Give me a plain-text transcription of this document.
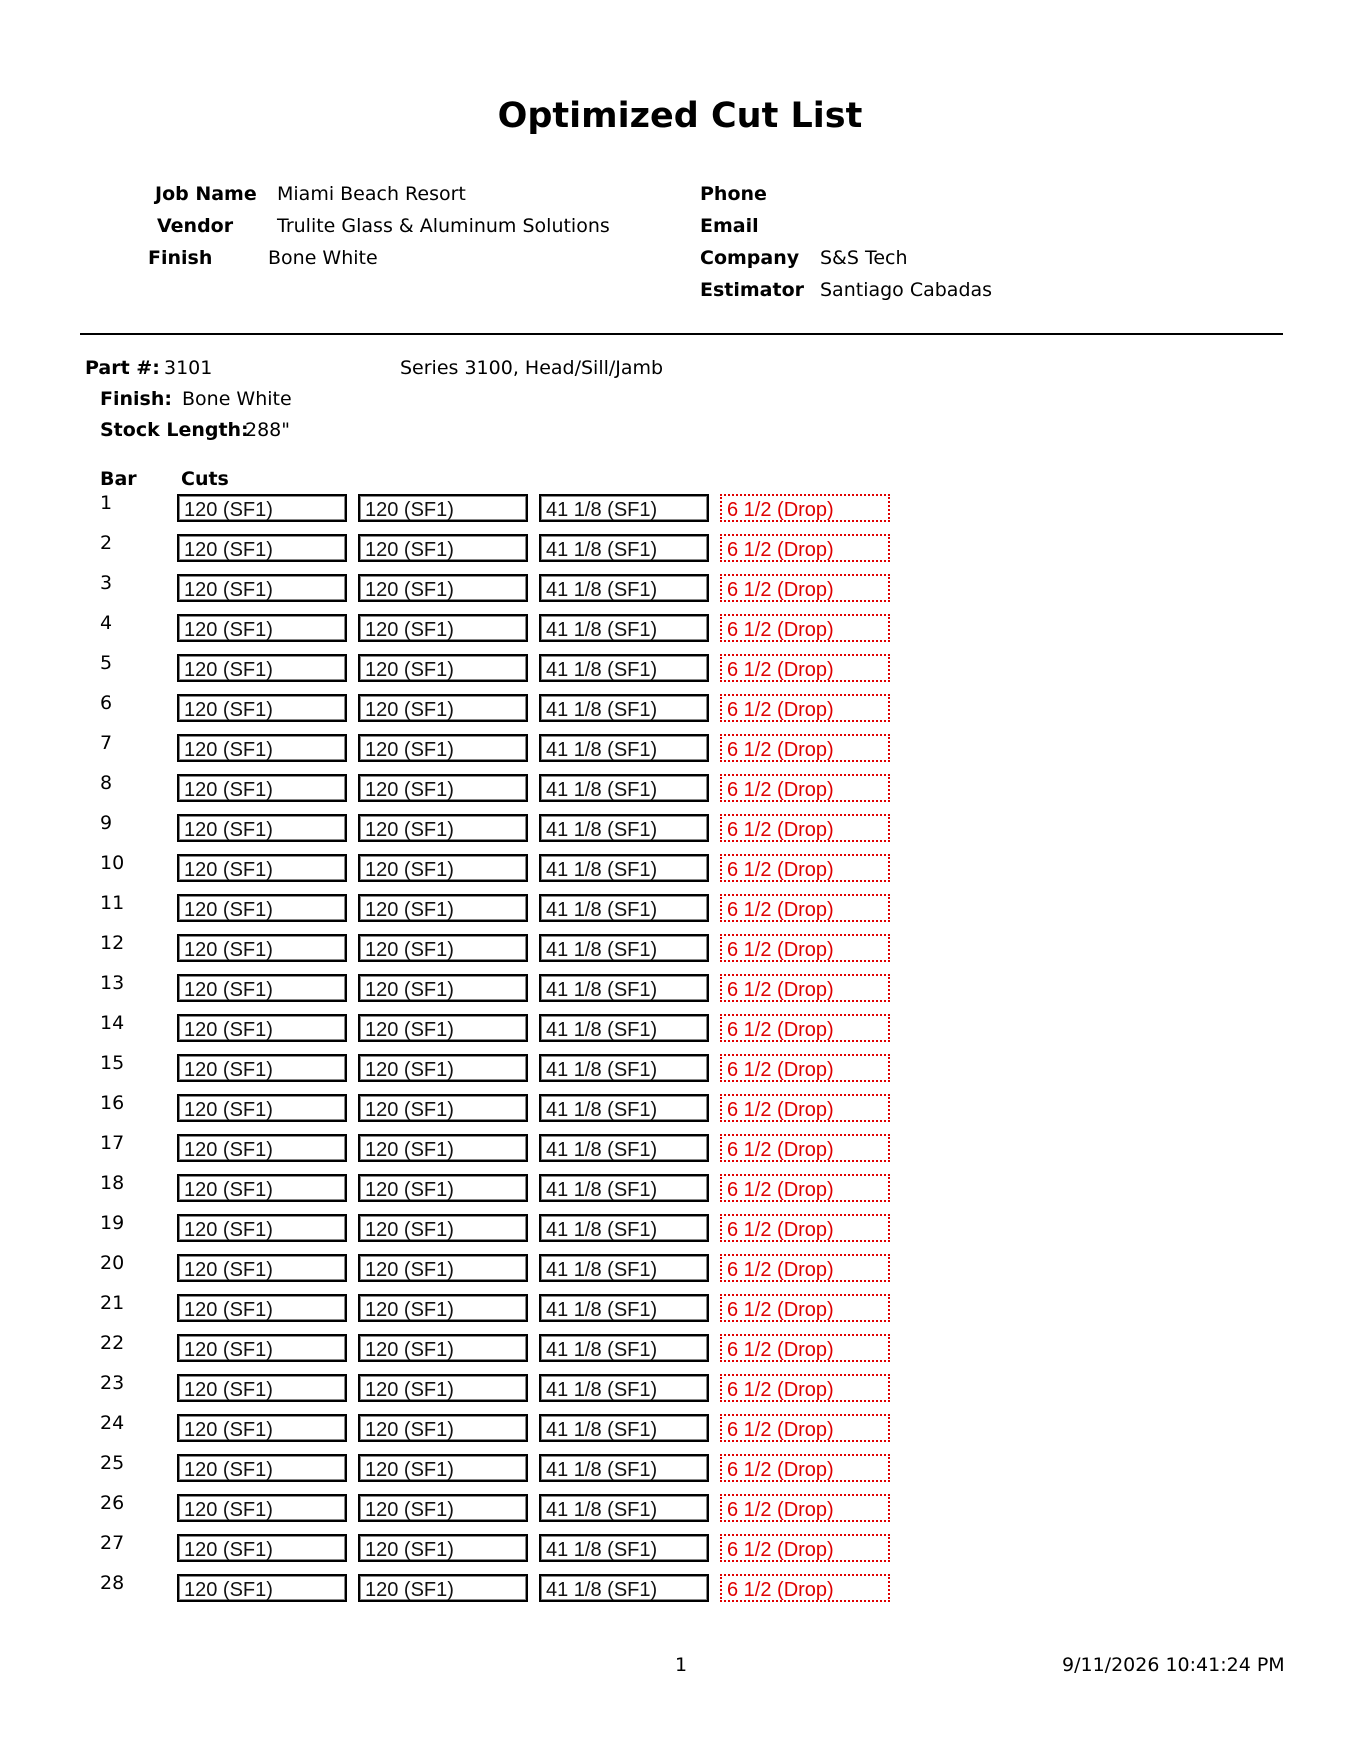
Optimized Cut List
Job Name Miami Beach Resort
Vendor Trulite Glass & Aluminum Solutions
Finish	Bone White
Phone
Email
Company S&S Tech
Estimator Santiago Cabadas
Part #: 3101	Series 3100, Head/Sill/Jamb
Finish: Bone White
Stock Length:
288"
Bar Cuts
1	120 (SF1)	120 (SF1)	41 1/8 (SF1)	6 1/2 (Drop)
2	120 (SF1)	120 (SF1)	41 1/8 (SF1)	6 1/2 (Drop)
3	120 (SF1)	120 (SF1)	41 1/8 (SF1)	6 1/2 (Drop)
4	120 (SF1)	120 (SF1)	41 1/8 (SF1)	6 1/2 (Drop)
5	120 (SF1)	120 (SF1)	41 1/8 (SF1)	6 1/2 (Drop)
6	120 (SF1)	120 (SF1)	41 1/8 (SF1)	6 1/2 (Drop)
7	120 (SF1)	120 (SF1)	41 1/8 (SF1)	6 1/2 (Drop)
8	120 (SF1)	120 (SF1)	41 1/8 (SF1)	6 1/2 (Drop)
9	120 (SF1)	120 (SF1)	41 1/8 (SF1)	6 1/2 (Drop)
10	120 (SF1)	120 (SF1)	41 1/8 (SF1)	6 1/2 (Drop)
11	120 (SF1)	120 (SF1)	41 1/8 (SF1)	6 1/2 (Drop)
12	120 (SF1)	120 (SF1)	41 1/8 (SF1)	6 1/2 (Drop)
13	120 (SF1)	120 (SF1)	41 1/8 (SF1)	6 1/2 (Drop)
14	120 (SF1)	120 (SF1)	41 1/8 (SF1)	6 1/2 (Drop)
15	120 (SF1)	120 (SF1)	41 1/8 (SF1)	6 1/2 (Drop)
16	120 (SF1)	120 (SF1)	41 1/8 (SF1)	6 1/2 (Drop)
17	120 (SF1)	120 (SF1)	41 1/8 (SF1)	6 1/2 (Drop)
18	120 (SF1)	120 (SF1)	41 1/8 (SF1)	6 1/2 (Drop)
19	120 (SF1)	120 (SF1)	41 1/8 (SF1)	6 1/2 (Drop)
20	120 (SF1)	120 (SF1)	41 1/8 (SF1)	6 1/2 (Drop)
21	120 (SF1)	120 (SF1)	41 1/8 (SF1)	6 1/2 (Drop)
22	120 (SF1)	120 (SF1)	41 1/8 (SF1)	6 1/2 (Drop)
23	120 (SF1)	120 (SF1)	41 1/8 (SF1)	6 1/2 (Drop)
24	120 (SF1)	120 (SF1)	41 1/8 (SF1)	6 1/2 (Drop)
25	120 (SF1)	120 (SF1)	41 1/8 (SF1)	6 1/2 (Drop)
26	120 (SF1)	120 (SF1)	41 1/8 (SF1)	6 1/2 (Drop)
27	120 (SF1)	120 (SF1)	41 1/8 (SF1)	6 1/2 (Drop)
28	120 (SF1)	120 (SF1)	41 1/8 (SF1)	6 1/2 (Drop)
1	9/11/2026 10:41:24 PM
